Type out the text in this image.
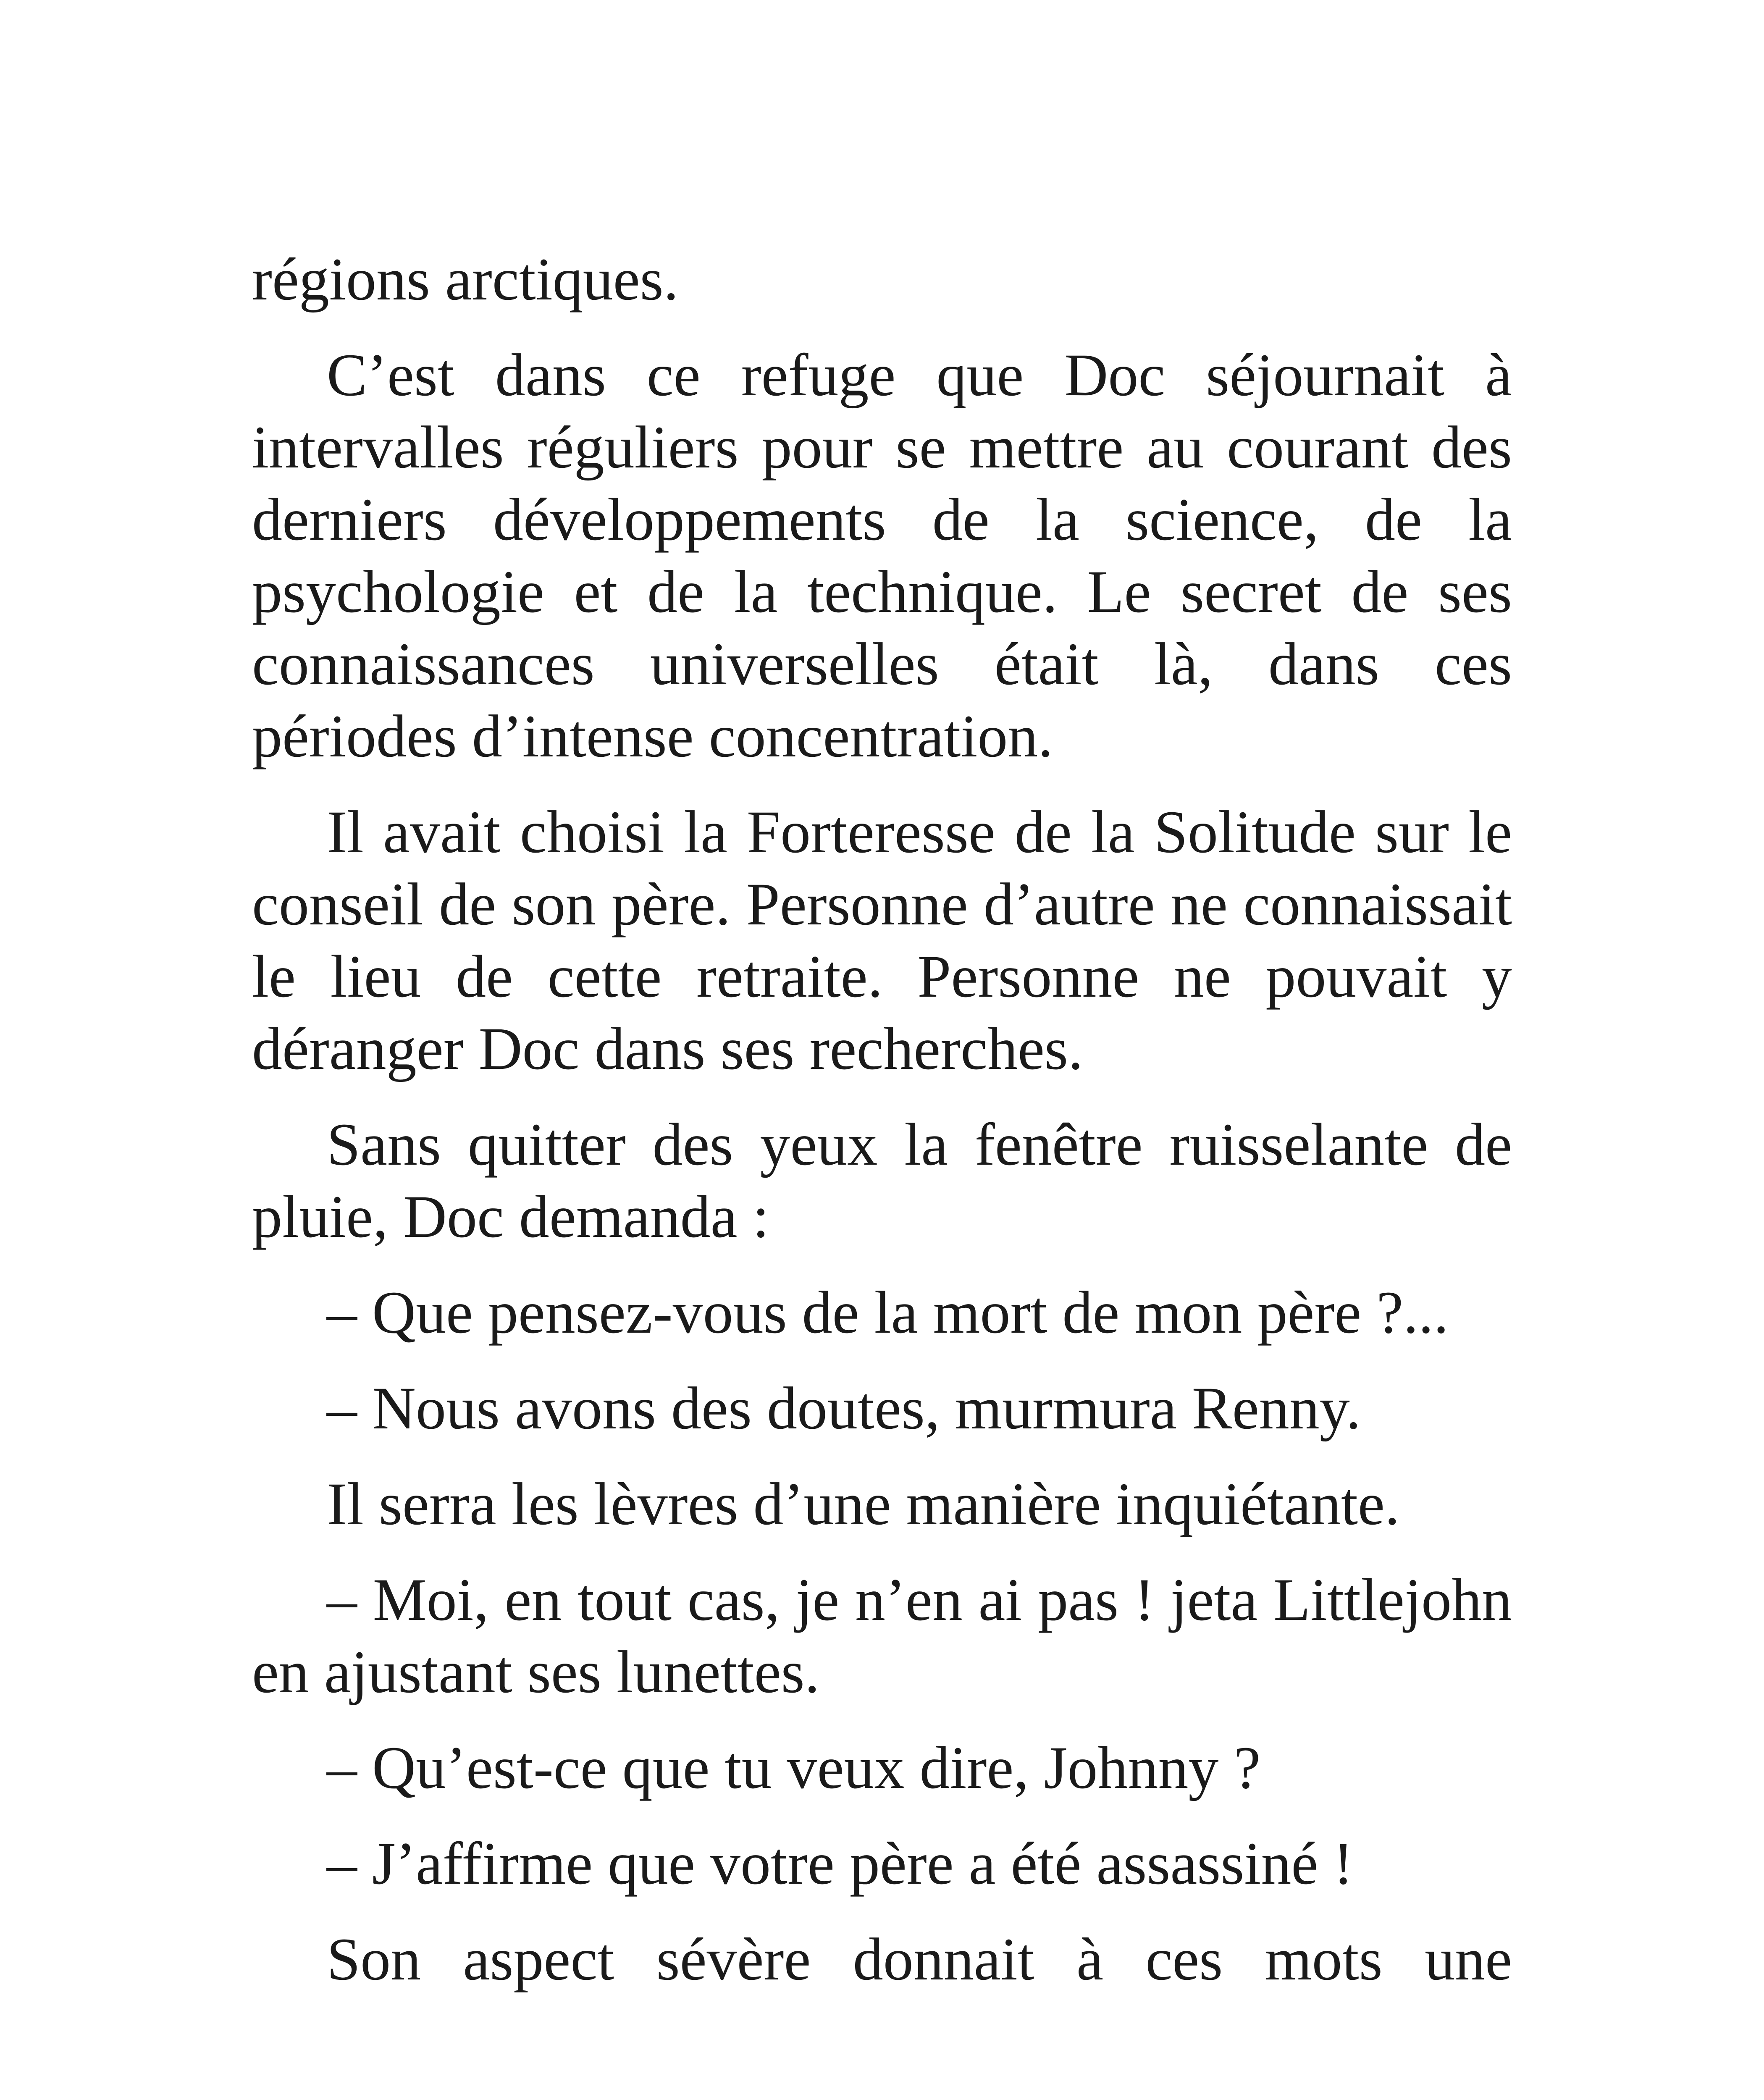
régions arctiques.

C’est dans ce refuge que Doc séjournait à intervalles réguliers pour se mettre au courant des derniers développements de la science, de la psychologie et de la technique. Le secret de ses connaissances universelles était là, dans ces périodes d’intense concentration.

Il avait choisi la Forteresse de la Solitude sur le conseil de son père. Personne d’autre ne connaissait le lieu de cette retraite. Personne ne pouvait y déranger Doc dans ses recherches.

Sans quitter des yeux la fenêtre ruisselante de pluie, Doc demanda :

– Que pensez-vous de la mort de mon père ?...

– Nous avons des doutes, murmura Renny.

Il serra les lèvres d’une manière inquiétante.

– Moi, en tout cas, je n’en ai pas ! jeta Littlejohn en ajustant ses lunettes.

– Qu’est-ce que tu veux dire, Johnny ?

– J’affirme que votre père a été assassiné !

Son aspect sévère donnait à ces mots une
